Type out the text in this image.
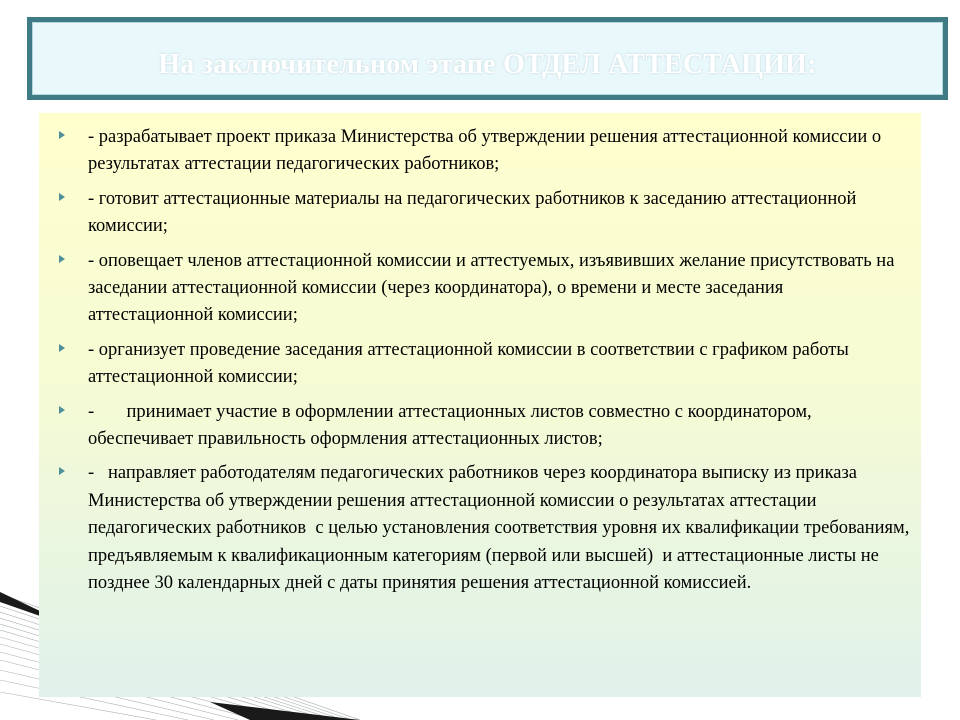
На заключительном этапе ОТДЕЛ АТТЕСТАЦИИ:
- разрабатывает проект приказа Министерства об утверждении решения аттестационной комиссии о результатах аттестации педагогических работников;
- готовит аттестационные материалы на педагогических работников к заседанию аттестационной комиссии;
- оповещает членов аттестационной комиссии и аттестуемых, изъявивших желание присутствовать на заседании аттестационной комиссии (через координатора), о времени и месте заседания аттестационной комиссии;
- организует проведение заседания аттестационной комиссии в соответствии с графиком работы аттестационной комиссии;
-       принимает участие в оформлении аттестационных листов совместно с координатором, обеспечивает правильность оформления аттестационных листов;
-   направляет работодателям педагогических работников через координатора выписку из приказа Министерства об утверждении решения аттестационной комиссии о результатах аттестации педагогических работников  с целью установления соответствия уровня их квалификации требованиям, предъявляемым к квалификационным категориям (первой или высшей)  и аттестационные листы не позднее 30 календарных дней с даты принятия решения аттестационной комиссией.
